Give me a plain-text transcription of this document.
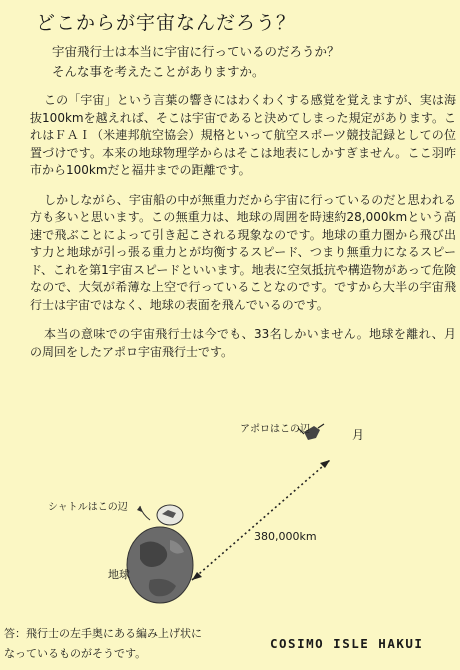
どこからが宇宙なんだろう？

宇宙飛行士は本当に宇宙に行っているのだろうか？

そんな事を考えたことがありますか。

この「宇宙」という言葉の響きにはわくわくする感覚を覚えますが、実は海抜100kmを越えれば、そこは宇宙であると決めてしまった規定があります。これはＦＡＩ（米連邦航空協会）規格といって航空スポーツ競技記録としての位置づけです。本来の地球物理学からはそこは地表にしかすぎません。ここ羽咋市から100kmだと福井までの距離です。

しかしながら、宇宙船の中が無重力だから宇宙に行っているのだと思われる方も多いと思います。この無重力は、地球の周囲を時速約28,000kmという高速で飛ぶことによって引き起こされる現象なのです。地球の重力圏から飛び出す力と地球が引っ張る重力とが均衡するスピード、つまり無重力になるスピード、これを第1宇宙スピードといいます。地表に空気抵抗や構造物があって危険なので、大気が希薄な上空で行っていることなのです。ですから大半の宇宙飛行士は宇宙ではなく、地球の表面を飛んでいるのです。

本当の意味での宇宙飛行士は今でも、33名しかいません。地球を離れ、月の周回をしたアポロ宇宙飛行士です。

アポロはこの辺	月
シャトルはこの辺
380,000km
地球
答：飛行士の左手奥にある編み上げ状に
なっているものがそうです。
COSIMO ISLE HAKUI
